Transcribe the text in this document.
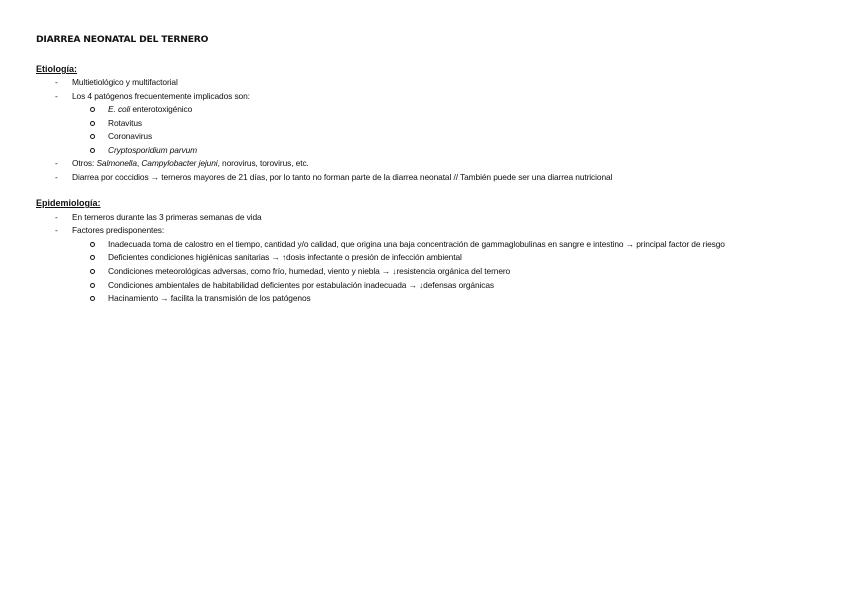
DIARREA NEONATAL DEL TERNERO
Etiología:
- Multietiológico y multifactorial
- Los 4 patógenos frecuentemente implicados son:
E. coli enterotoxigénico
Rotavitus
Coronavirus
Cryptosporidium parvum
- Otros: Salmonella, Campylobacter jejuni, norovirus, torovirus, etc.
- Diarrea por coccidios → terneros mayores de 21 días, por lo tanto no forman parte de la diarrea neonatal // También puede ser una diarrea nutricional
Epidemiología:
- En terneros durante las 3 primeras semanas de vida
- Factores predisponentes:
Inadecuada toma de calostro en el tiempo, cantidad y/o calidad, que origina una baja concentración de gammaglobulinas en sangre e intestino → principal factor de riesgo
Deficientes condiciones higiénicas sanitarias → ↑dosis infectante o presión de infección ambiental
Condiciones meteorológicas adversas, como frío, humedad, viento y niebla → ↓resistencia orgánica del ternero
Condiciones ambientales de habitabilidad deficientes por estabulación inadecuada → ↓defensas orgánicas
Hacinamiento → facilita la transmisión de los patógenos
